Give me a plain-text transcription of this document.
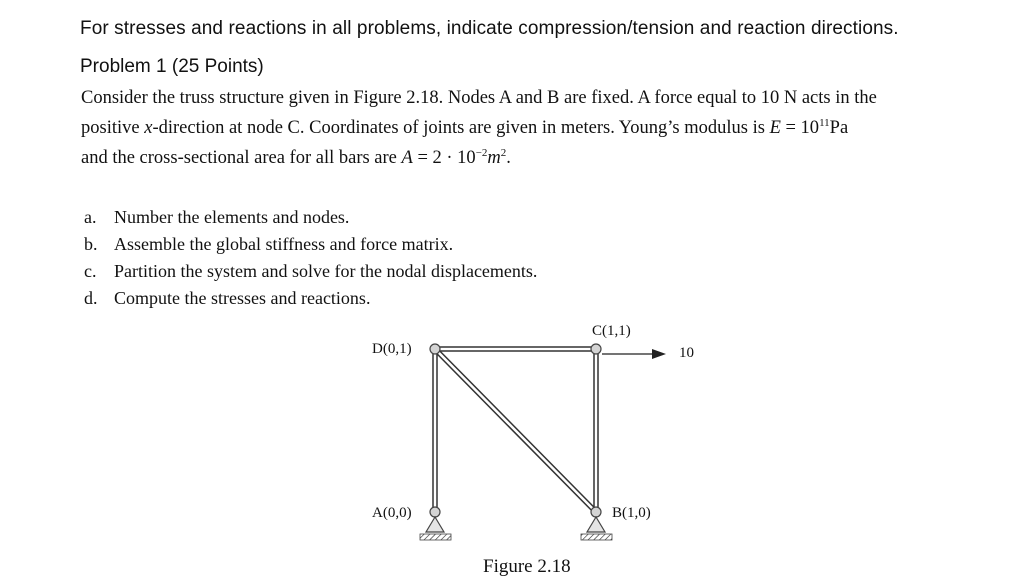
For stresses and reactions in all problems, indicate compression/tension and reaction directions.
Problem 1 (25 Points)
Consider the truss structure given in Figure 2.18. Nodes A and B are fixed. A force equal to 10 N acts in the
positive x-direction at node C. Coordinates of joints are given in meters. Young’s modulus is $E = 10^{11}Pa$
and the cross-sectional area for all bars are $A = 2 \cdot 10^{-2}m^2$.
a. Number the elements and nodes.
b. Assemble the global stiffness and force matrix.
c. Partition the system and solve for the nodal displacements.
d. Compute the stresses and reactions.
D(0,1)
C(1,1)
10
A(0,0)	B(1,0)
Figure 2.18
